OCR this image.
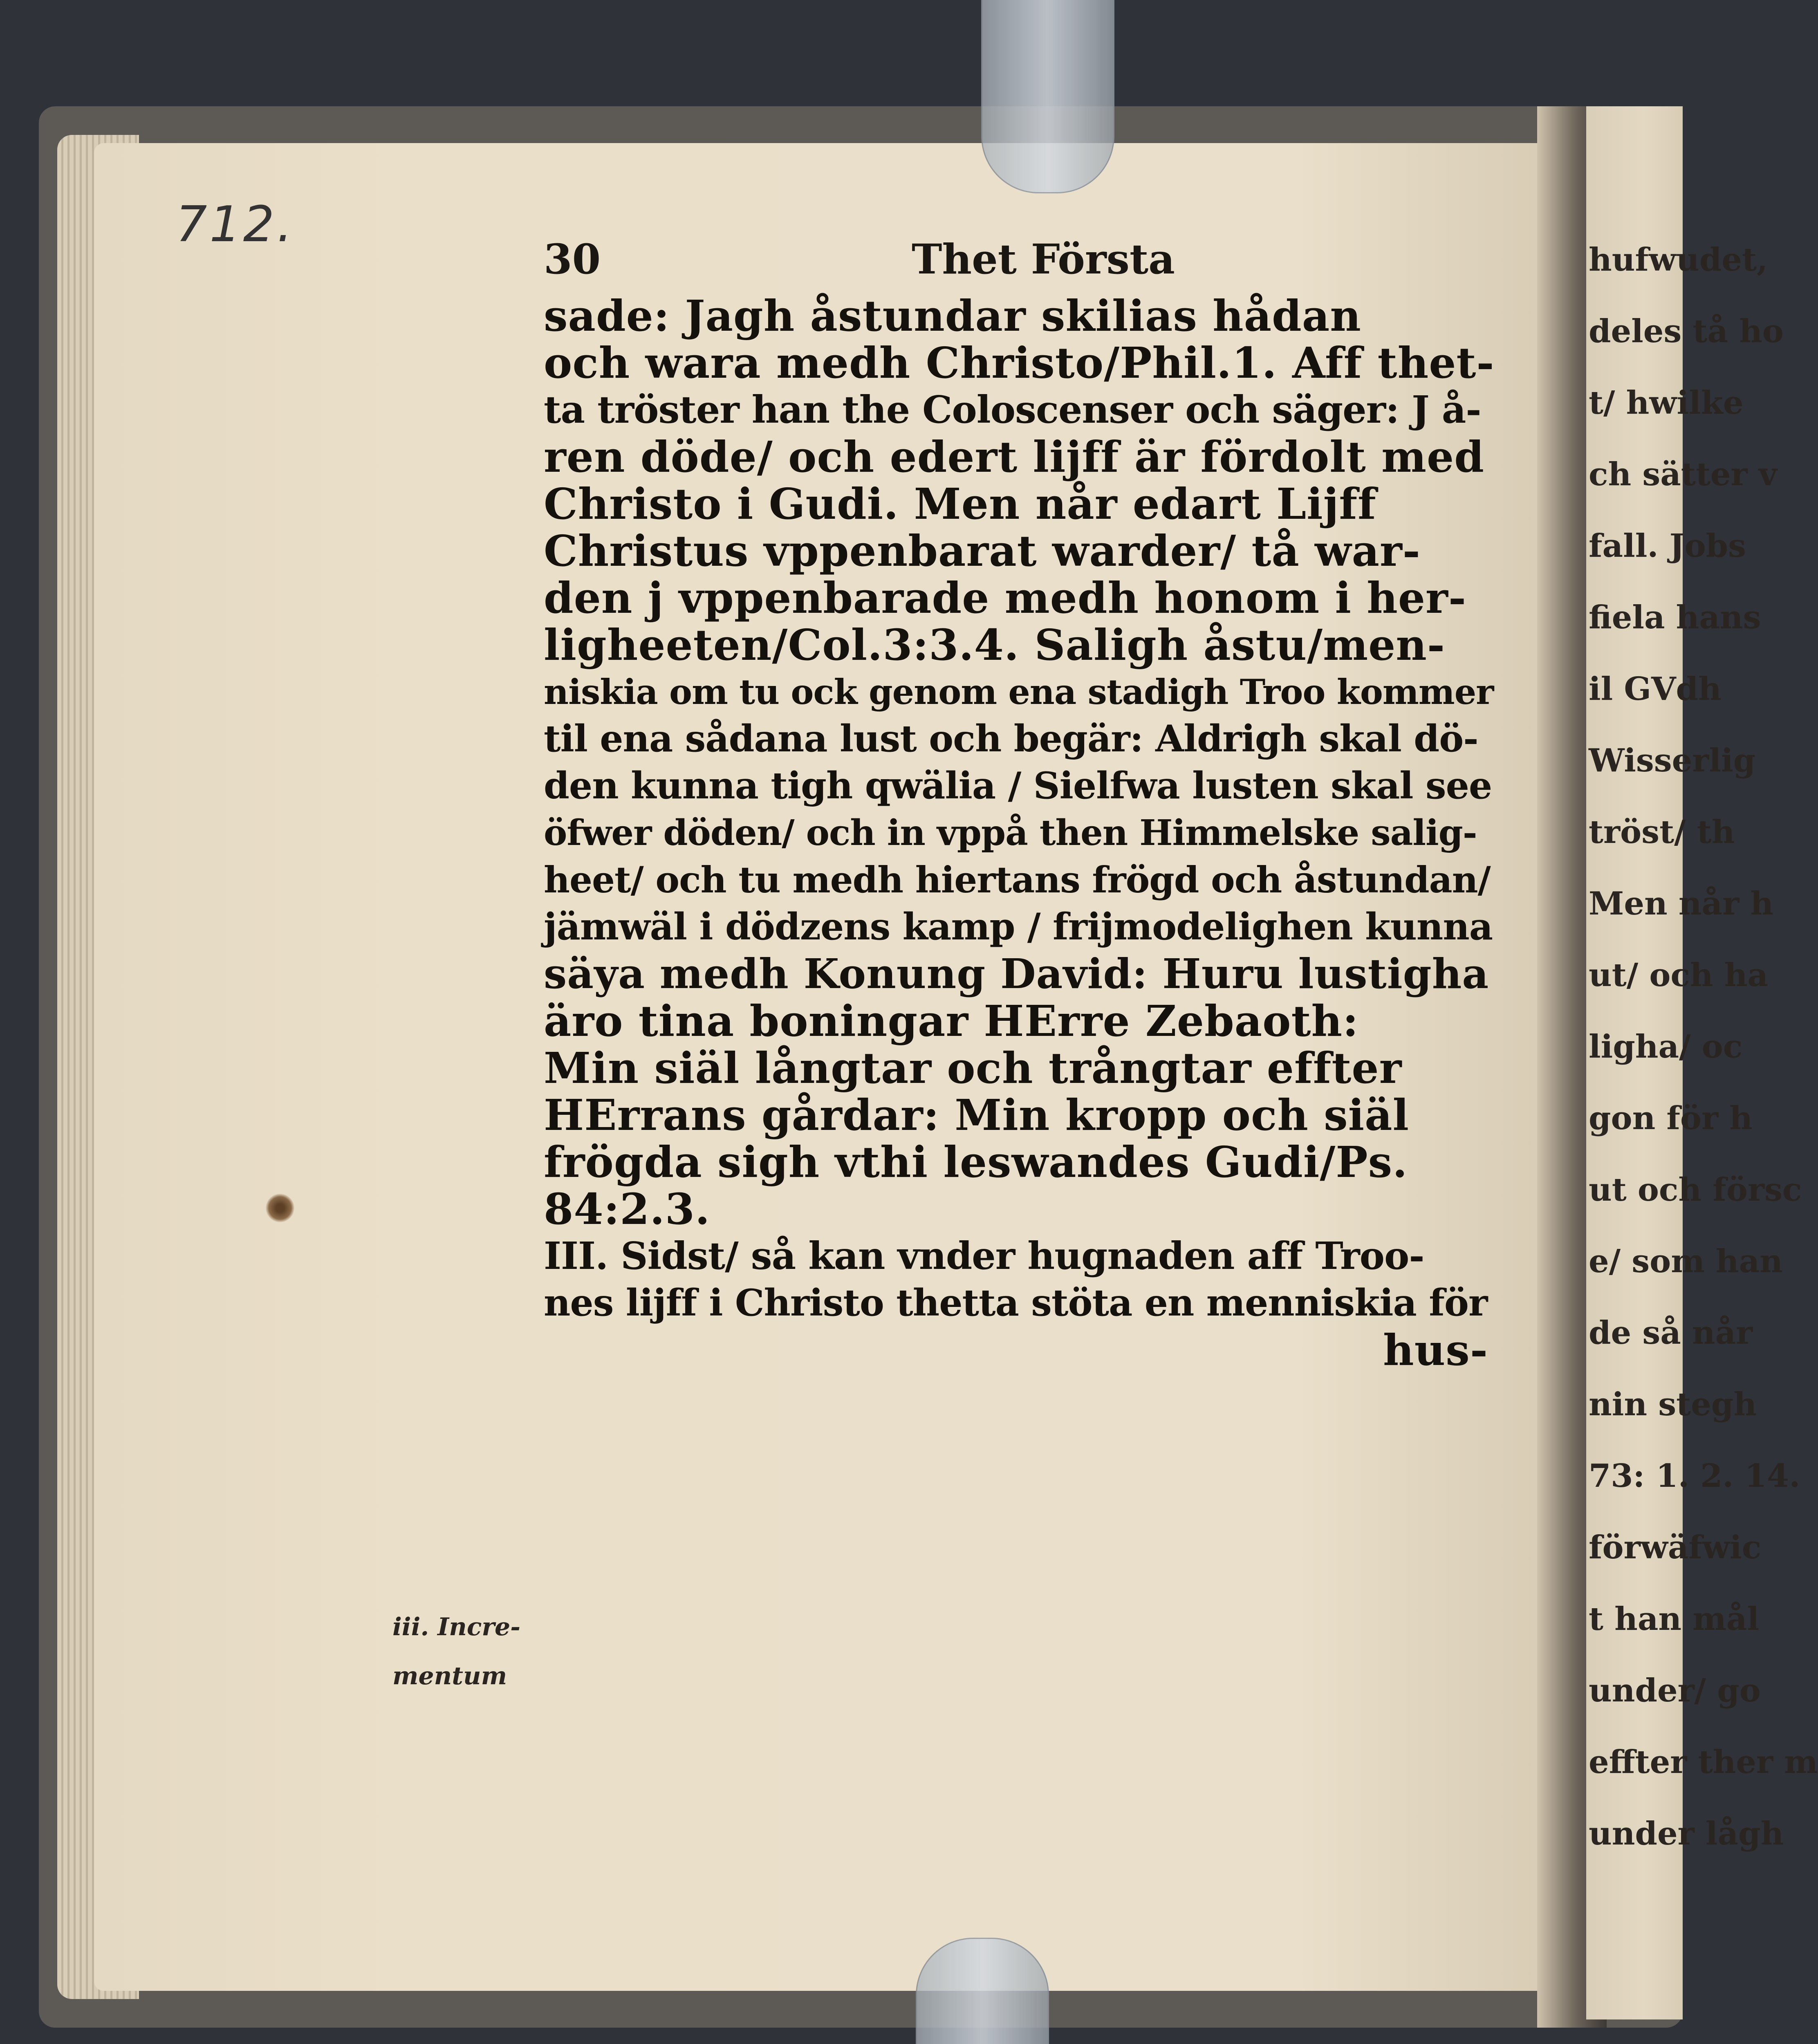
hufwudet,
deles tå ho
t/ hwilke
ch sätter v
fall. Jobs
fiela hans
il GVdh
Wisserlig
tröst/ th
Men når h
ut/ och ha
ligha/ oc
gon för h
ut och försc
e/ som han
de så når
nin stegh
73: 1. 2. 14.
förwäfwic
t han mål
under/ go
effter ther m
under lågh
712.
30	Thet Första
sade: Jagh åstundar skilias hådan
och wara medh Christo/Phil.1. Aff thet-
ta tröster han the Coloscenser och säger: J å-
ren döde/ och edert lijff är fördolt med
Christo i Gudi. Men når edart Lijff
Christus vppenbarat warder/ tå war-
den j vppenbarade medh honom i her-
ligheeten/Col.3:3.4. Saligh åstu/men-
niskia om tu ock genom ena stadigh Troo kommer
til ena sådana lust och begär: Aldrigh skal dö-
den kunna tigh qwälia / Sielfwa lusten skal see
öfwer döden/ och in vppå then Himmelske salig-
heet/ och tu medh hiertans frögd och åstundan/
jämwäl i dödzens kamp / frijmodelighen kunna
säya medh Konung David: Huru lustigha
äro tina boningar HErre Zebaoth:
Min siäl långtar och trångtar effter
HErrans gårdar: Min kropp och siäl
frögda sigh vthi leswandes Gudi/Ps.
84:2.3.
III. Sidst/ så kan vnder hugnaden aff Troo-
nes lijff i Christo thetta stöta en menniskia för
hus-
iii. Incre-
mentum
